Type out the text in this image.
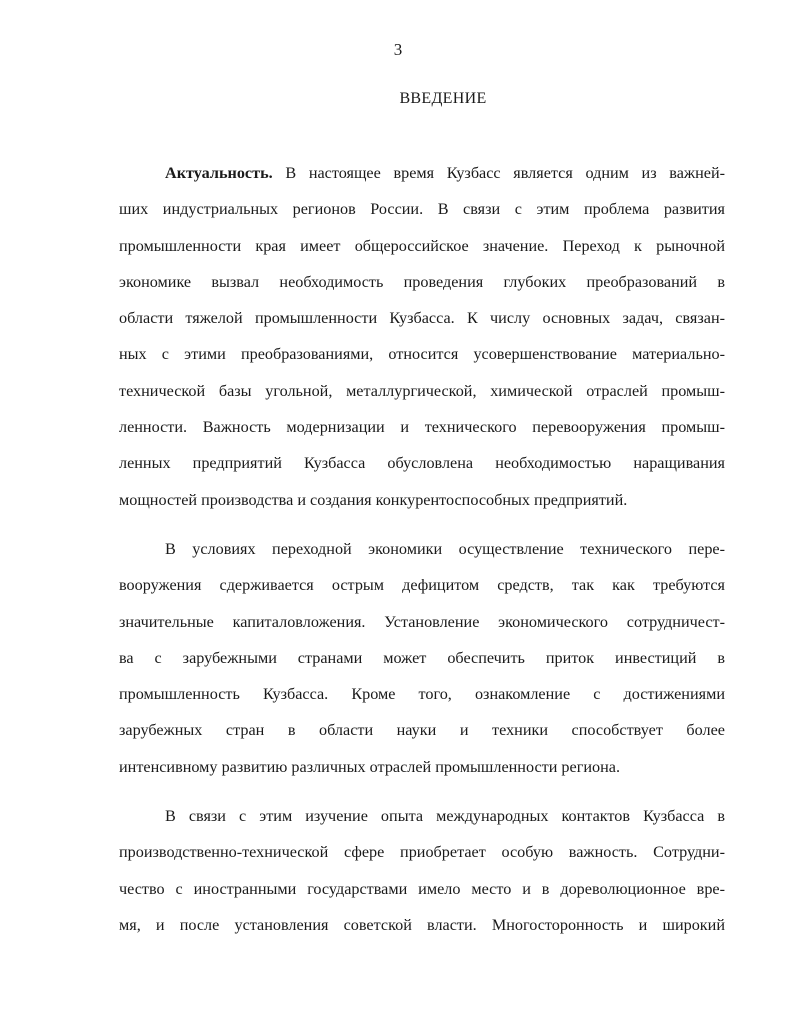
3
ВВЕДЕНИЕ
Актуальность. В настоящее время Кузбасс является одним из важней-
ших индустриальных регионов России. В связи с этим проблема развития
промышленности края имеет общероссийское значение. Переход к рыночной
экономике вызвал необходимость проведения глубоких преобразований в
области тяжелой промышленности Кузбасса. К числу основных задач, связан-
ных с этими преобразованиями, относится усовершенствование материально-
технической базы угольной, металлургической, химической отраслей промыш-
ленности. Важность модернизации и технического перевооружения промыш-
ленных предприятий Кузбасса обусловлена необходимостью наращивания
мощностей производства и создания конкурентоспособных предприятий.
В условиях переходной экономики осуществление технического пере-
вооружения сдерживается острым дефицитом средств, так как требуются
значительные капиталовложения. Установление экономического сотрудничест-
ва с зарубежными странами может обеспечить приток инвестиций в
промышленность Кузбасса. Кроме того, ознакомление с достижениями
зарубежных стран в области науки и техники способствует более
интенсивному развитию различных отраслей промышленности региона.
В связи с этим изучение опыта международных контактов Кузбасса в
производственно-технической сфере приобретает особую важность. Сотрудни-
чество с иностранными государствами имело место и в дореволюционное вре-
мя, и после установления советской власти. Многосторонность и широкий
